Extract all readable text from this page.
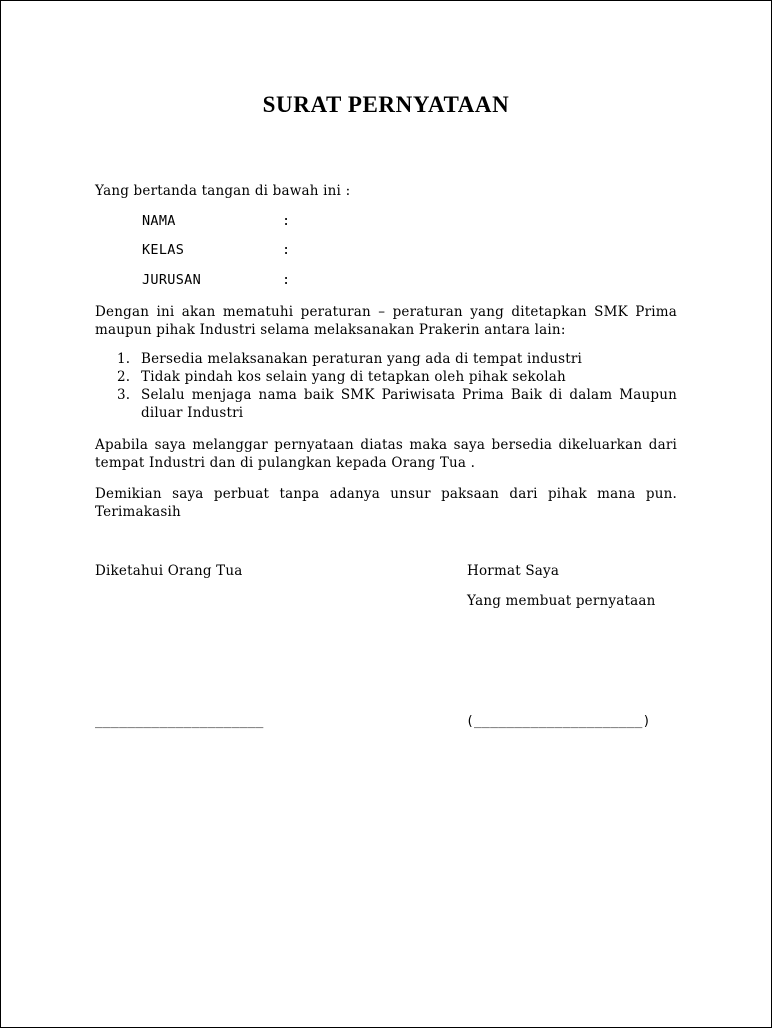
SURAT PERNYATAAN
Yang bertanda tangan di bawah ini :
NAMA	:
KELAS	:
JURUSAN	:
Dengan ini akan mematuhi peraturan – peraturan yang ditetapkan SMK Prima maupun pihak Industri selama melaksanakan Prakerin antara lain:
1. Bersedia melaksanakan peraturan yang ada di tempat industri
2. Tidak pindah kos selain yang di tetapkan oleh pihak sekolah
3. Selalu menjaga nama baik SMK Pariwisata Prima Baik di dalam Maupun diluar Industri
Apabila saya melanggar pernyataan diatas maka saya bersedia dikeluarkan dari tempat Industri dan di pulangkan kepada Orang Tua .
Demikian saya perbuat tanpa adanya unsur paksaan dari pihak mana pun. Terimakasih
Diketahui Orang Tua	Hormat Saya
Yang membuat pernyataan
_____________________	(_____________________)
